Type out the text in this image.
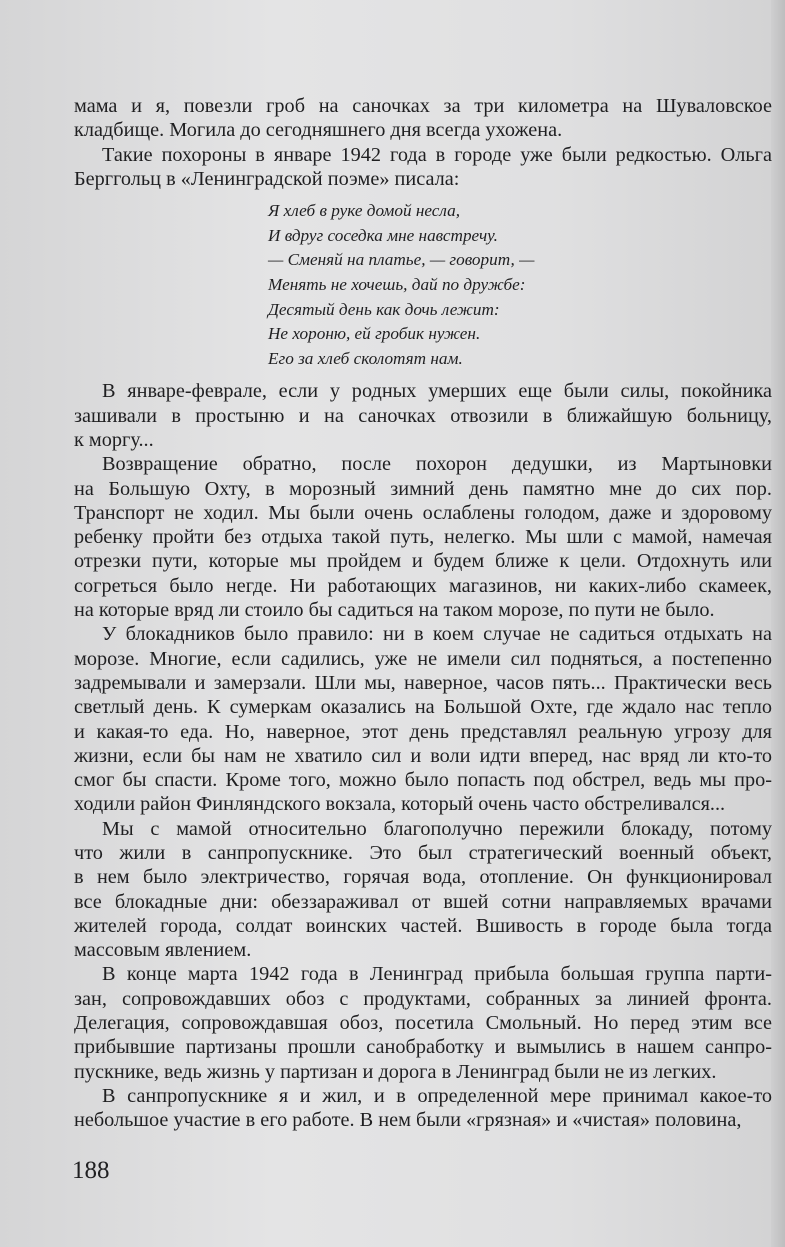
мама и я, повезли гроб на саночках за три километра на Шуваловское
кладбище. Могила до сегодняшнего дня всегда ухожена.
Такие похороны в январе 1942 года в городе уже были редкостью. Ольга
Берггольц в «Ленинградской поэме» писала:
Я хлеб в руке домой несла,
И вдруг соседка мне навстречу.
— Сменяй на платье, — говорит, —
Менять не хочешь, дай по дружбе:
Десятый день как дочь лежит:
Не хороню, ей гробик нужен.
Его за хлеб сколотят нам.
В январе-феврале, если у родных умерших еще были силы, покойника
зашивали в простыню и на саночках отвозили в ближайшую больницу,
к моргу...
Возвращение обратно, после похорон дедушки, из Мартыновки
на Большую Охту, в морозный зимний день памятно мне до сих пор.
Транспорт не ходил. Мы были очень ослаблены голодом, даже и здоровому
ребенку пройти без отдыха такой путь, нелегко. Мы шли с мамой, намечая
отрезки пути, которые мы пройдем и будем ближе к цели. Отдохнуть или
согреться было негде. Ни работающих магазинов, ни каких-либо скамеек,
на которые вряд ли стоило бы садиться на таком морозе, по пути не было.
У блокадников было правило: ни в коем случае не садиться отдыхать на
морозе. Многие, если садились, уже не имели сил подняться, а постепенно
задремывали и замерзали. Шли мы, наверное, часов пять... Практически весь
светлый день. К сумеркам оказались на Большой Охте, где ждало нас тепло
и какая-то еда. Но, наверное, этот день представлял реальную угрозу для
жизни, если бы нам не хватило сил и воли идти вперед, нас вряд ли кто-то
смог бы спасти. Кроме того, можно было попасть под обстрел, ведь мы про-
ходили район Финляндского вокзала, который очень часто обстреливался...
Мы с мамой относительно благополучно пережили блокаду, потому
что жили в санпропускнике. Это был стратегический военный объект,
в нем было электричество, горячая вода, отопление. Он функционировал
все блокадные дни: обеззараживал от вшей сотни направляемых врачами
жителей города, солдат воинских частей. Вшивость в городе была тогда
массовым явлением.
В конце марта 1942 года в Ленинград прибыла большая группа парти-
зан, сопровождавших обоз с продуктами, собранных за линией фронта.
Делегация, сопровождавшая обоз, посетила Смольный. Но перед этим все
прибывшие партизаны прошли санобработку и вымылись в нашем санпро-
пускнике, ведь жизнь у партизан и дорога в Ленинград были не из легких.
В санпропускнике я и жил, и в определенной мере принимал какое-то
небольшое участие в его работе. В нем были «грязная» и «чистая» половина,
188
